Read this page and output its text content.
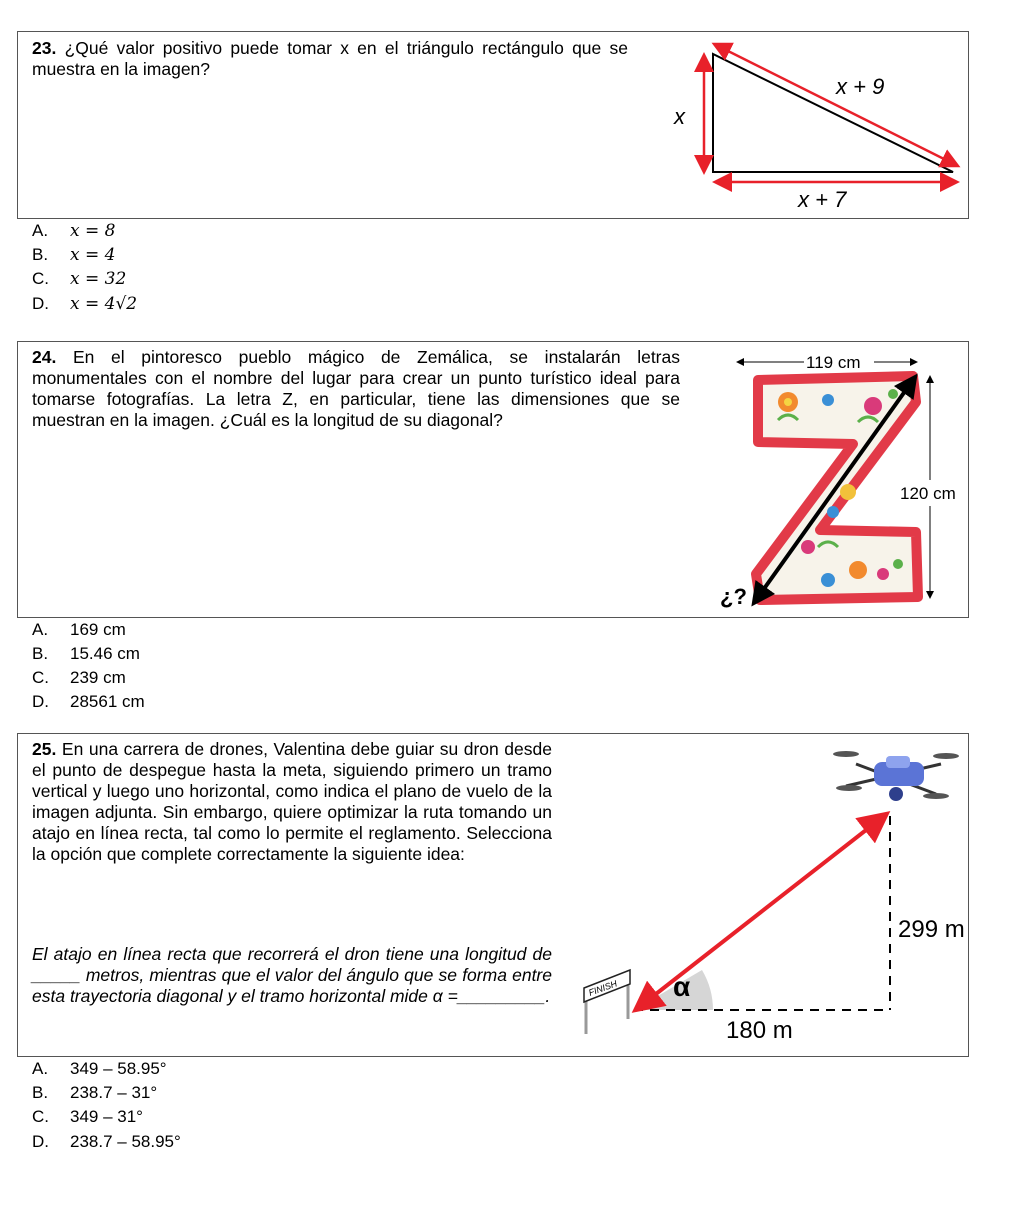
23. ¿Qué valor positivo puede tomar x en el triángulo rectángulo que se muestra en la imagen?
x + 9
x
x + 7
A. x = 8
B. x = 4
C. x = 32
D. x = 4√2
24. En el pintoresco pueblo mágico de Zemálica, se instalarán letras monumentales con el nombre del lugar para crear un punto turístico ideal para tomarse fotografías. La letra Z, en particular, tiene las dimensiones que se muestran en la imagen. ¿Cuál es la longitud de su diagonal?
119 cm
120 cm
¿?
A. 169 cm
B. 15.46 cm
C. 239 cm
D. 28561 cm
25. En una carrera de drones, Valentina debe guiar su dron desde el punto de despegue hasta la meta, siguiendo primero un tramo vertical y luego uno horizontal, como indica el plano de vuelo de la imagen adjunta. Sin embargo, quiere optimizar la ruta tomando un atajo en línea recta, tal como lo permite el reglamento. Selecciona la opción que complete correctamente la siguiente idea:
El atajo en línea recta que recorrerá el dron tiene una longitud de _____ metros, mientras que el valor del ángulo que se forma entre esta trayectoria diagonal y el tramo horizontal mide α =_________.	FINISH α
299 m
180 m
A. 349 – 58.95°
B. 238.7 – 31°
C. 349 – 31°
D. 238.7 – 58.95°
